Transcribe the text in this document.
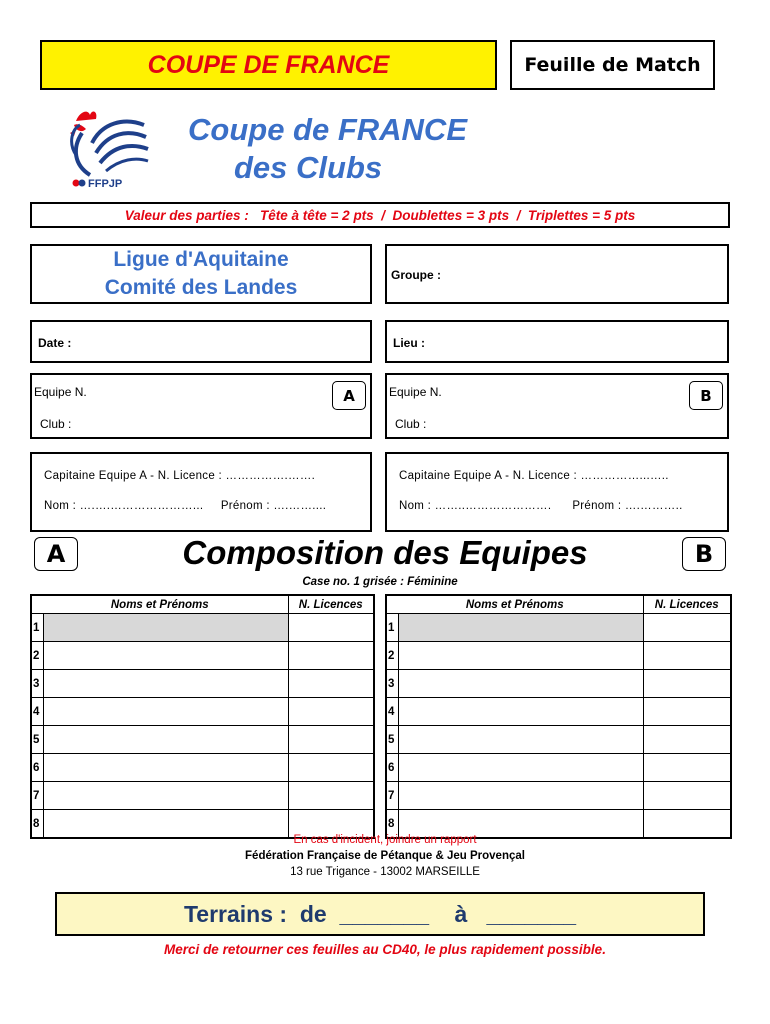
COUPE DE FRANCE	Feuille de Match
FFPJP
Coupe de FRANCE
des Clubs
Valeur des parties :   Tête à tête = 2 pts  /  Doublettes = 3 pts  /  Triplettes = 5 pts
Ligue d'Aquitaine
Comité des Landes
Groupe :
Date :	Lieu :
Equipe N.
Club :
A	Equipe N.
Club :
B
Capitaine Equipe A - N. Licence : …………….…….
Nom : ….….…………………...     Prénom : ….……....
Capitaine Equipe A - N. Licence : ……………...…..
Nom : ……..………………….      Prénom : ….………..
A	Composition des Equipes	B
Case no. 1 grisée : Féminine
Noms et Prénoms		N. Licences
1		
2		
3		
4		
5		
6		
7		
8		
Noms et Prénoms		N. Licences
1		
2		
3		
4		
5		
6		
7		
8		
En cas d'incident, joindre un rapport
Fédération Française de Pétanque & Jeu Provençal
13 rue Trigance - 13002 MARSEILLE
Terrains :  de  _______    à   _______
Merci de retourner ces feuilles au CD40, le plus rapidement possible.
